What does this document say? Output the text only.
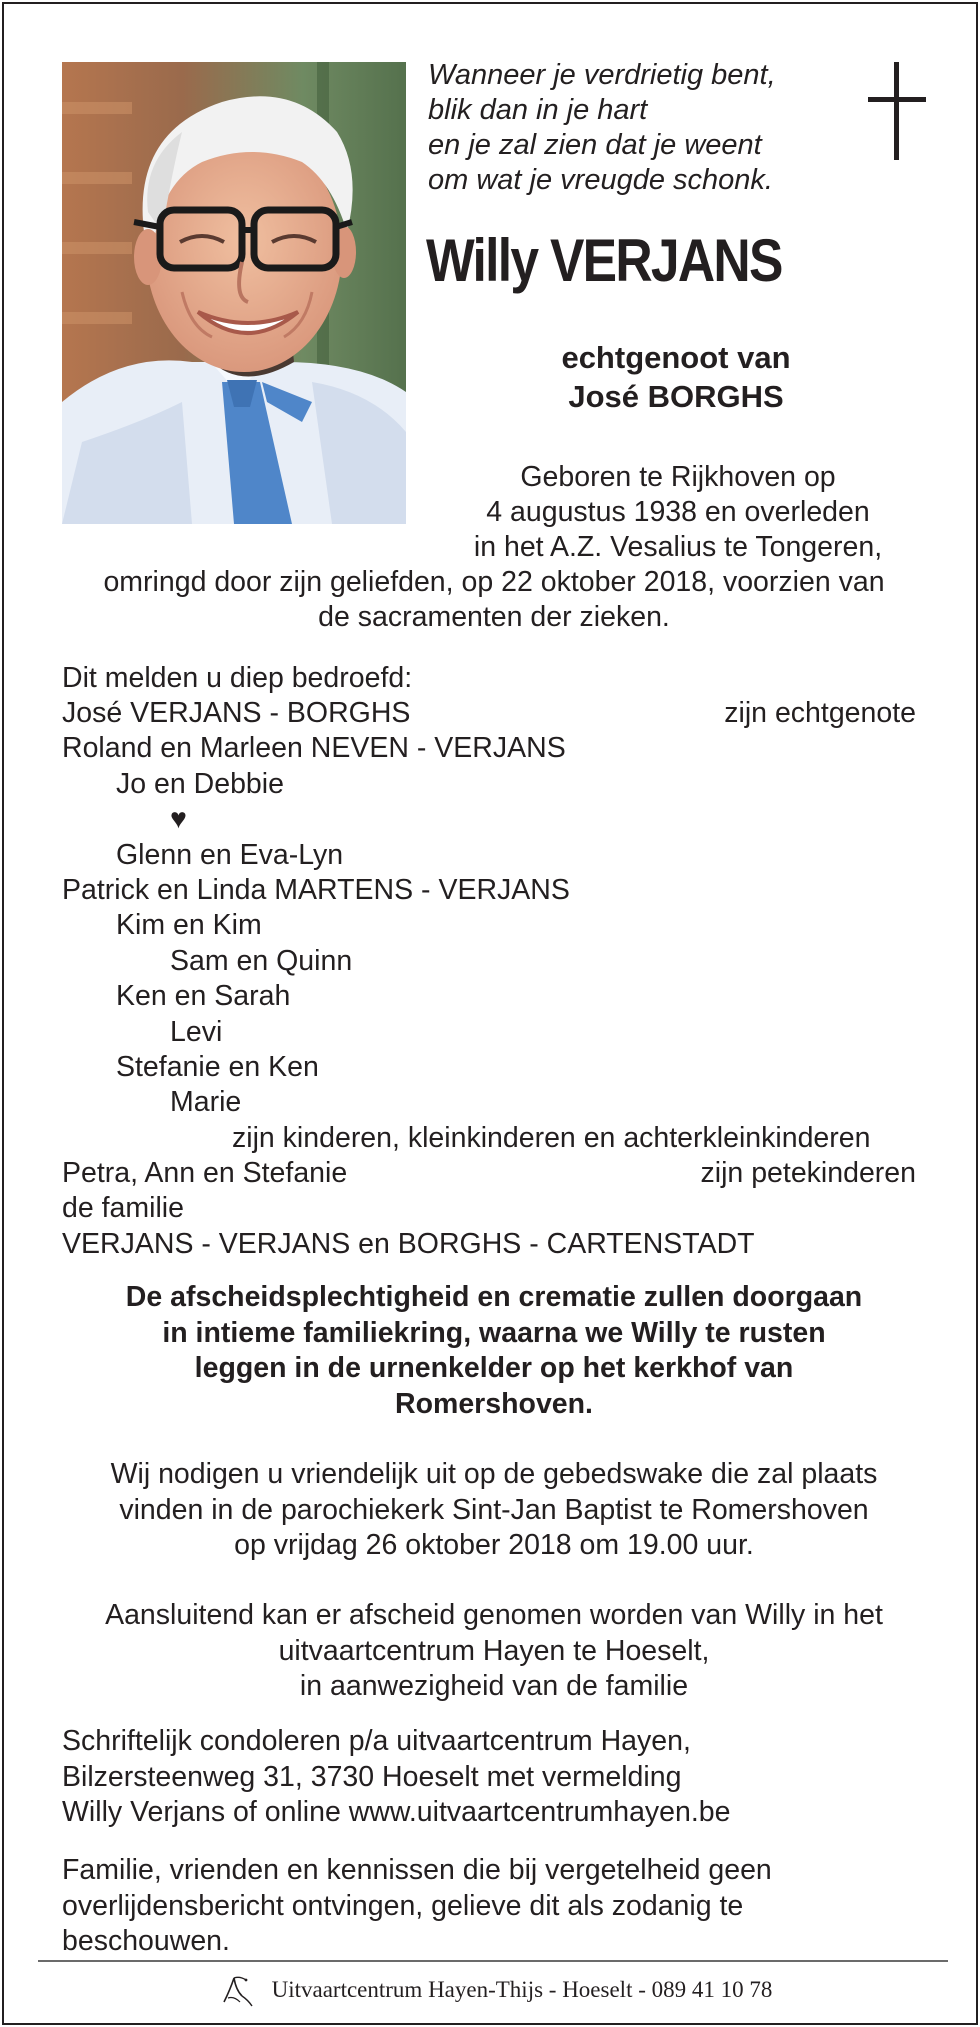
Wanneer je verdrietig bent,
blik dan in je hart
en je zal zien dat je weent
om wat je vreugde schonk.
Willy VERJANS
echtgenoot van
José BORGHS
Geboren te Rijkhoven op
4 augustus 1938 en overleden
in het A.Z. Vesalius te Tongeren,
omringd door zijn geliefden, op 22 oktober 2018, voorzien van
de sacramenten der zieken.
Dit melden u diep bedroefd:
José VERJANS - BORGHS	zijn echtgenote
Roland en Marleen NEVEN - VERJANS
Jo en Debbie
♥
Glenn en Eva-Lyn
Patrick en Linda MARTENS - VERJANS
Kim en Kim
Sam en Quinn
Ken en Sarah
Levi
Stefanie en Ken
Marie
zijn kinderen, kleinkinderen en achterkleinkinderen
Petra, Ann en Stefanie	zijn petekinderen
de familie
VERJANS - VERJANS en BORGHS - CARTENSTADT
De afscheidsplechtigheid en crematie zullen doorgaan
in intieme familiekring, waarna we Willy te rusten
leggen in de urnenkelder op het kerkhof van
Romershoven.
Wij nodigen u vriendelijk uit op de gebedswake die zal plaats
vinden in de parochiekerk Sint-Jan Baptist te Romershoven
op vrijdag 26 oktober 2018 om 19.00 uur.
Aansluitend kan er afscheid genomen worden van Willy in het
uitvaartcentrum Hayen te Hoeselt,
in aanwezigheid van de familie
Schriftelijk condoleren p/a uitvaartcentrum Hayen,
Bilzersteenweg 31, 3730 Hoeselt met vermelding
Willy Verjans of online www.uitvaartcentrumhayen.be
Familie, vrienden en kennissen die bij vergetelheid geen
overlijdensbericht ontvingen, gelieve dit als zodanig te
beschouwen.
Uitvaartcentrum Hayen-Thijs - Hoeselt - 089 41 10 78
